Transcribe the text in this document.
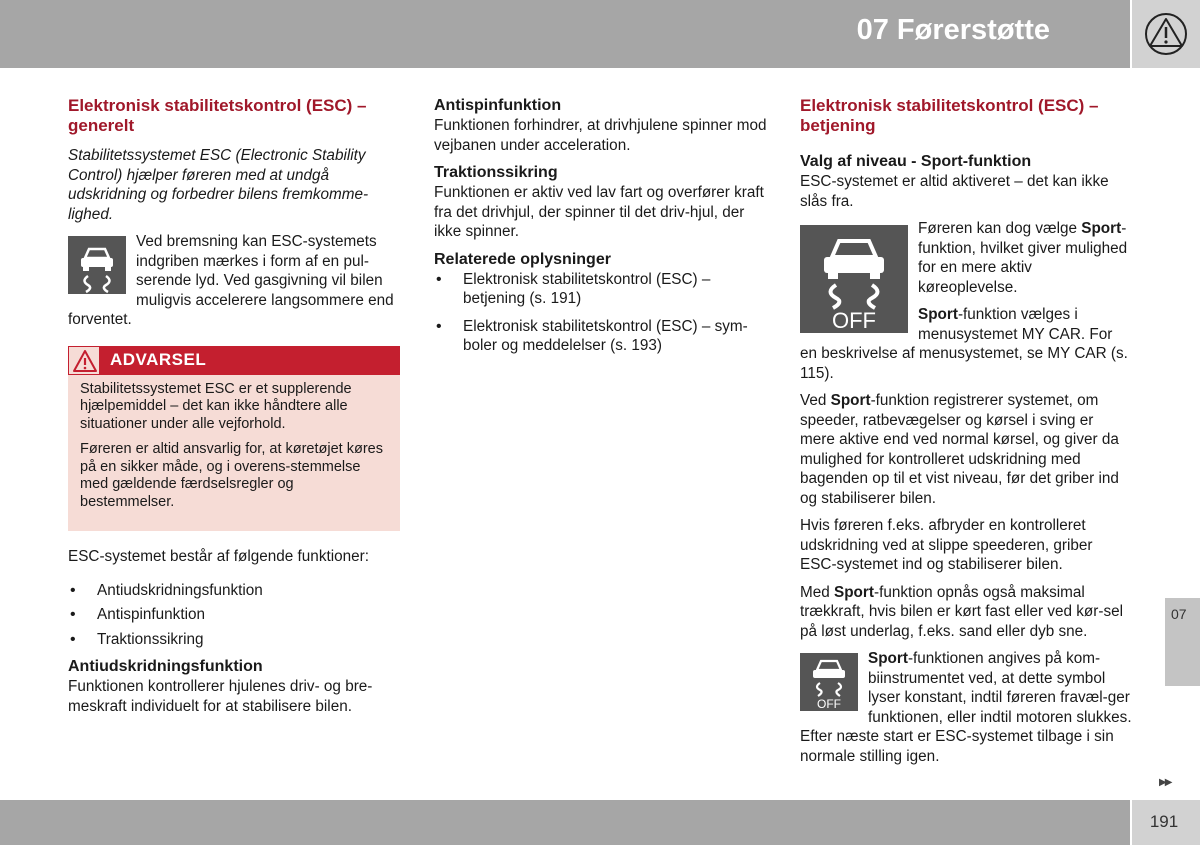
07 Førerstøtte
Elektronisk stabilitetskontrol (ESC) – generelt

Stabilitetssystemet ESC (Electronic Stability Control) hjælper føreren med at undgå udskridning og forbedrer bilens fremkomme-lighed.

Ved bremsning kan ESC-systemets indgriben mærkes i form af en pul-serende lyd. Ved gasgivning vil bilen muligvis accelerere langsommere end forventet.
ADVARSEL

Stabilitetssystemet ESC er et supplerende hjælpemiddel – det kan ikke håndtere alle situationer under alle vejforhold.

Føreren er altid ansvarlig for, at køretøjet køres på en sikker måde, og i overens-stemmelse med gældende færdselsregler og bestemmelser.

ESC-systemet består af følgende funktioner:

• Antiudskridningsfunktion
• Antispinfunktion
• Traktionssikring
Antiudskridningsfunktion

Funktionen kontrollerer hjulenes driv- og bre-meskraft individuelt for at stabilisere bilen.

Antispinfunktion

Funktionen forhindrer, at drivhjulene spinner mod vejbanen under acceleration.

Traktionssikring

Funktionen er aktiv ved lav fart og overfører kraft fra det drivhjul, der spinner til det driv-hjul, der ikke spinner.

Relaterede oplysninger
• Elektronisk stabilitetskontrol (ESC) – betjening (s. 191)
• Elektronisk stabilitetskontrol (ESC) – sym-boler og meddelelser (s. 193)
Elektronisk stabilitetskontrol (ESC) – betjening
Valg af niveau - Sport-funktion

ESC-systemet er altid aktiveret – det kan ikke slås fra.

OFF

Føreren kan dog vælge Sport-funktion, hvilket giver mulighed for en mere aktiv køreoplevelse.

Sport-funktion vælges i menusystemet MY CAR. For en beskrivelse af menusystemet, se MY CAR (s. 115).

Ved Sport-funktion registrerer systemet, om speeder, ratbevægelser og kørsel i sving er mere aktive end ved normal kørsel, og giver da mulighed for kontrolleret udskridning med bagenden op til et vist niveau, før det griber ind og stabiliserer bilen.

Hvis føreren f.eks. afbryder en kontrolleret udskridning ved at slippe speederen, griber ESC-systemet ind og stabiliserer bilen.

Med Sport-funktion opnås også maksimal trækkraft, hvis bilen er kørt fast eller ved kør-sel på løst underlag, f.eks. sand eller dyb sne.

OFF
Sport-funktionen angives på kom-biinstrumentet ved, at dette symbol lyser konstant, indtil føreren fravæl-ger funktionen, eller indtil motoren slukkes. Efter næste start er ESC-systemet tilbage i sin normale stilling igen.
07
▶▶
191
